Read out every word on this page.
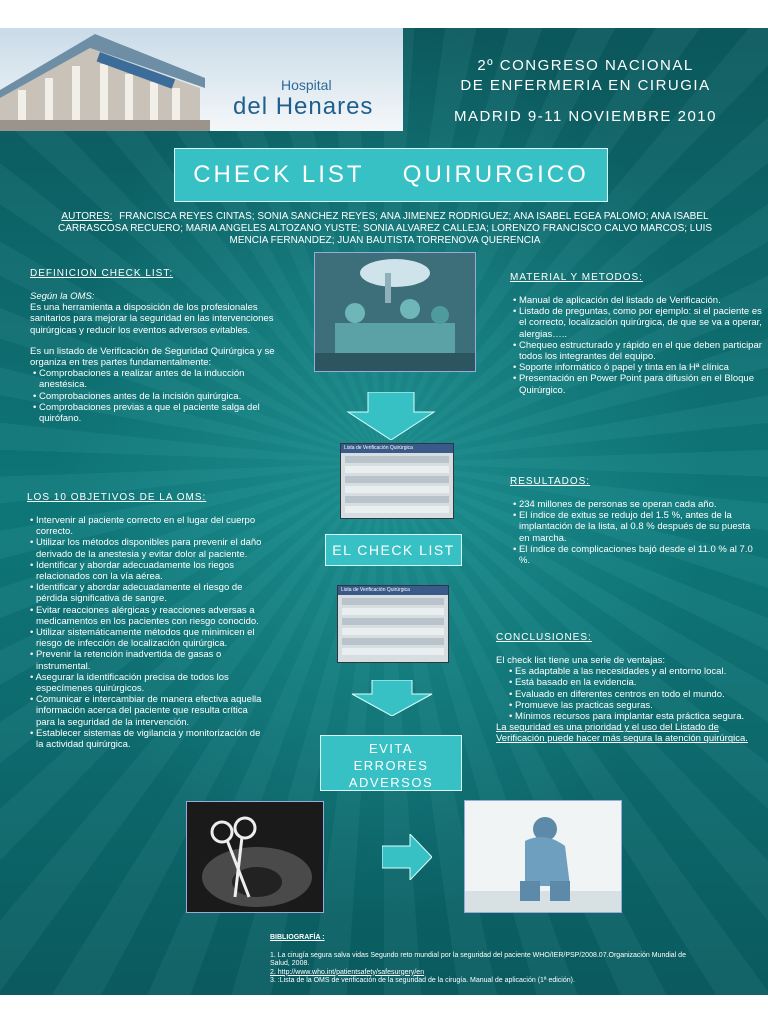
Hospital
del Henares
2º CONGRESO NACIONAL
DE ENFERMERIA EN CIRUGIA
MADRID 9-11 NOVIEMBRE 2010
CHECK LIST    QUIRURGICO
AUTORES: FRANCISCA REYES CINTAS; SONIA SANCHEZ REYES; ANA JIMENEZ RODRIGUEZ; ANA ISABEL EGEA PALOMO; ANA ISABEL CARRASCOSA RECUERO; MARIA ANGELES ALTOZANO YUSTE; SONIA ALVAREZ CALLEJA; LORENZO FRANCISCO CALVO MARCOS; LUIS MENCIA FERNANDEZ; JUAN BAUTISTA TORRENOVA QUERENCIA
DEFINICION CHECK LIST:
Según la OMS:
Es una herramienta a disposición de los profesionales sanitarios para mejorar la seguridad en las intervenciones quirúrgicas y reducir los eventos adversos evitables.
Es un listado de Verificación de Seguridad Quirúrgica y se organiza en tres partes fundamentalmente:
• Comprobaciones a realizar antes de la inducción anestésica.
• Comprobaciones antes de la incisión quirúrgica.
• Comprobaciones previas a que el paciente salga del quirófano.
LOS 10 OBJETIVOS DE LA OMS:
• Intervenir al paciente correcto en el lugar del cuerpo correcto.
• Utilizar los métodos disponibles para prevenir el daño derivado de la anestesia y evitar dolor al paciente.
• Identificar y abordar adecuadamente los riegos relacionados con la vía aérea.
• Identificar y abordar adecuadamente el riesgo de pérdida significativa de sangre.
• Evitar reacciones alérgicas y reacciones adversas a medicamentos en los pacientes con riesgo conocido.
• Utilizar sistemáticamente métodos que minimicen el riesgo de infección de localización quirúrgica.
• Prevenir la retención inadvertida de gasas o instrumental.
• Asegurar la identificación precisa de todos los especímenes quirúrgicos.
• Comunicar e intercambiar de manera efectiva aquella información acerca del paciente que resulta crítica para la seguridad de la intervención.
• Establecer sistemas de vigilancia y monitorización de la actividad quirúrgica.
Lista de Verificación Quirúrgica
EL CHECK LIST
Lista de Verificación Quirúrgica
EVITA
ERRORES
ADVERSOS
MATERIAL Y METODOS:
• Manual de aplicación del listado de Verificación.
• Listado de preguntas, como por ejemplo: si el paciente es el correcto, localización quirúrgica, de que se va a operar, alergias…..
• Chequeo estructurado y rápido en el que deben participar todos los integrantes del equipo.
• Soporte informático ó papel y tinta en la Hª clínica
• Presentación en Power Point para difusión en el Bloque Quirúrgico.
RESULTADOS:
• 234 millones de personas se operan cada año.
• El índice de exitus se redujo del 1.5 %, antes de la implantación de la lista, al 0.8 % después de su puesta en marcha.
• El índice de complicaciones bajó desde el 11.0 % al 7.0 %.
CONCLUSIONES:
El check list tiene una serie de ventajas:
• Es adaptable a las necesidades y al entorno local.
• Está basado en la evidencia.
• Evaluado en diferentes centros en todo el mundo.
• Promueve las practicas seguras.
• Mínimos recursos para implantar esta práctica segura.
La seguridad es una prioridad y el uso del Listado de Verificación puede hacer más segura la atención quirúrgica.
BIBLIOGRAFÍA :
1. La cirugía segura salva vidas Segundo reto mundial por la seguridad del paciente WHO/IER/PSP/2008.07.Organización Mundial de Salud, 2008.
2. http://www.who.int/patientsafety/safesurgery/en
3. :Lista de la OMS de verificación de la seguridad de la cirugía. Manual de aplicación (1ª edición).
